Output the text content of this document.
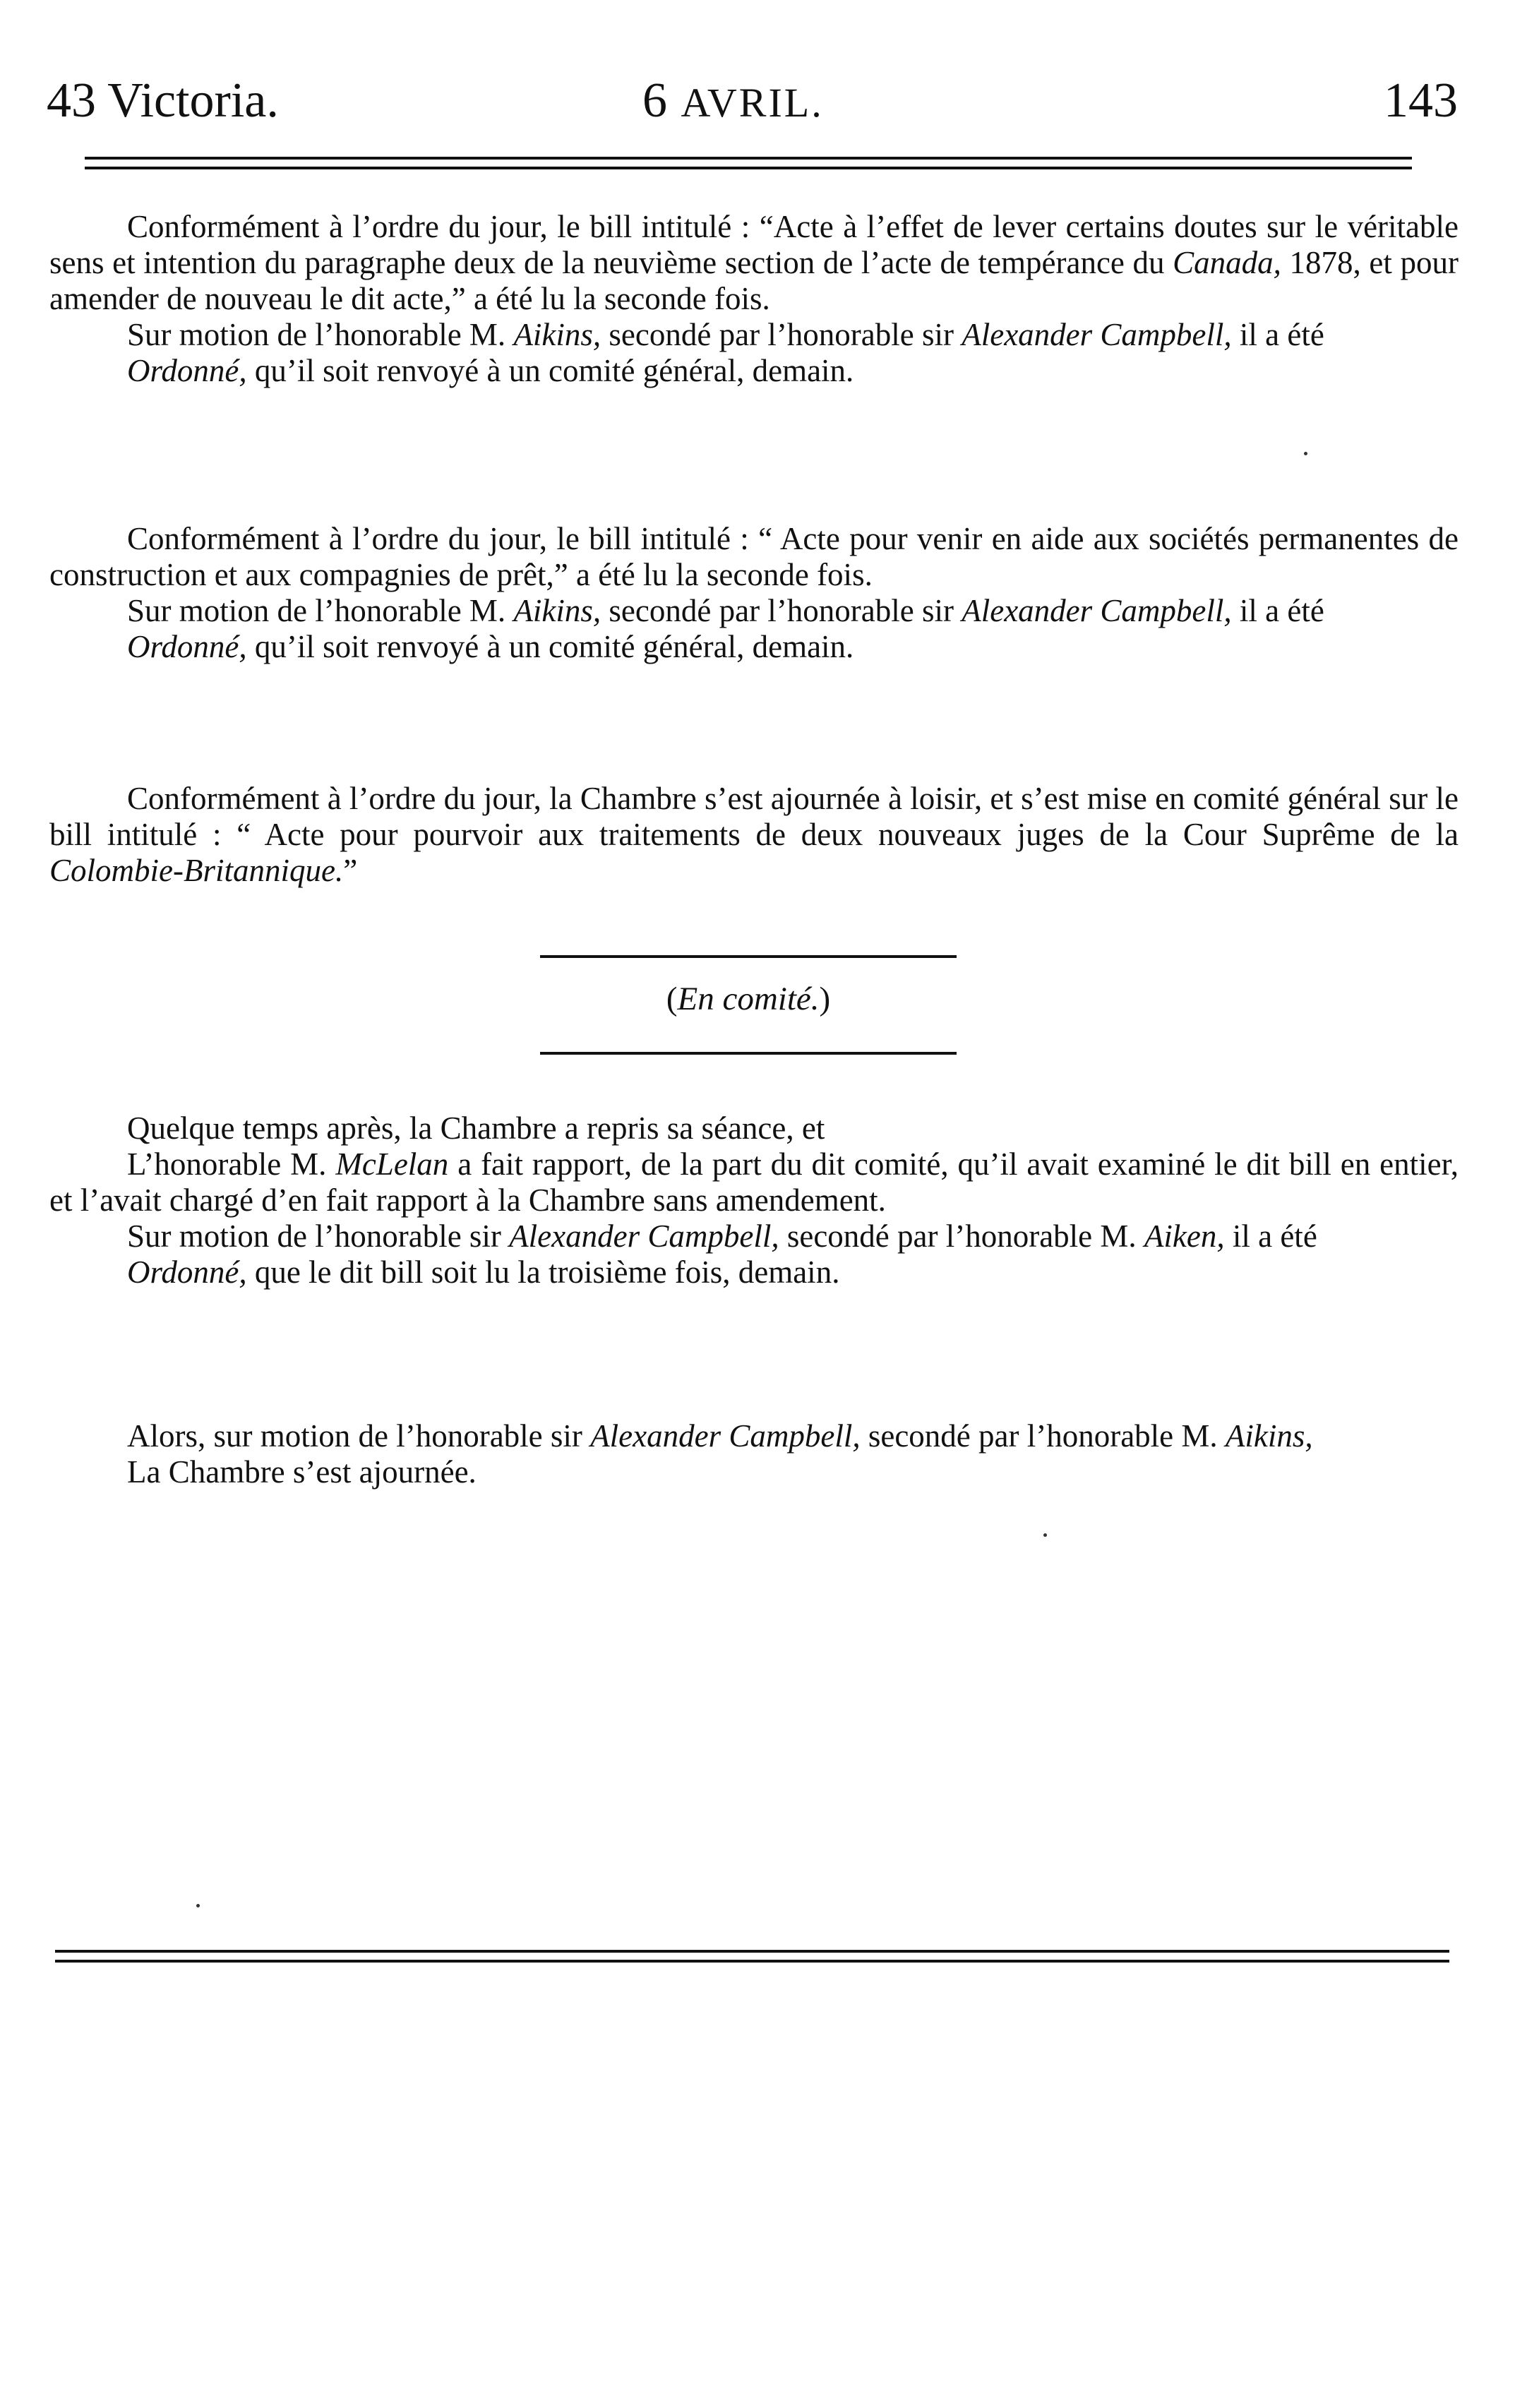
43 Victoria.	6 AVRIL.	143

Conformément à l’ordre du jour, le bill intitulé : “Acte à l’effet de lever certains doutes sur le véritable sens et intention du paragraphe deux de la neuvième section de l’acte de tempérance du Canada, 1878, et pour amender de nouveau le dit acte,” a été lu la seconde fois.

Sur motion de l’honorable M. Aikins, secondé par l’honorable sir Alexander Campbell, il a été

Ordonné, qu’il soit renvoyé à un comité général, demain.

Conformément à l’ordre du jour, le bill intitulé : “ Acte pour venir en aide aux sociétés permanentes de construction et aux compagnies de prêt,” a été lu la seconde fois.

Sur motion de l’honorable M. Aikins, secondé par l’honorable sir Alexander Campbell, il a été

Ordonné, qu’il soit renvoyé à un comité général, demain.

Conformément à l’ordre du jour, la Chambre s’est ajournée à loisir, et s’est mise en comité général sur le bill intitulé : “ Acte pour pourvoir aux traitements de deux nouveaux juges de la Cour Suprême de la Colombie-Britannique.”

(En comité.)

Quelque temps après, la Chambre a repris sa séance, et

L’honorable M. McLelan a fait rapport, de la part du dit comité, qu’il avait examiné le dit bill en entier, et l’avait chargé d’en fait rapport à la Chambre sans amendement.

Sur motion de l’honorable sir Alexander Campbell, secondé par l’honorable M. Aiken, il a été

Ordonné, que le dit bill soit lu la troisième fois, demain.

Alors, sur motion de l’honorable sir Alexander Campbell, secondé par l’honorable M. Aikins,

La Chambre s’est ajournée.
